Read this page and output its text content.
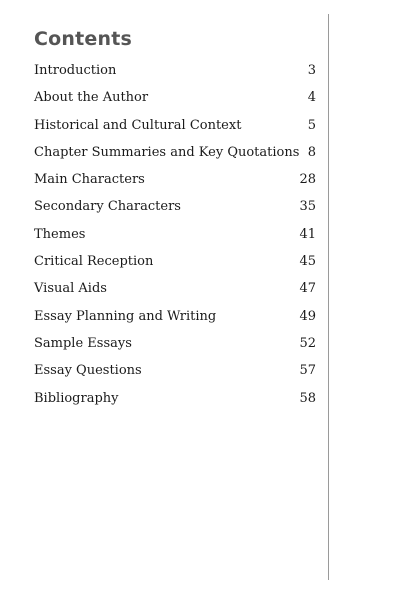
Contents
Introduction	3
About the Author	4
Historical and Cultural Context	5
Chapter Summaries and Key Quotations 8
Main Characters	28
Secondary Characters	35
Themes	41
Critical Reception	45
Visual Aids	47
Essay Planning and Writing	49
Sample Essays	52
Essay Questions	57
Bibliography	58
